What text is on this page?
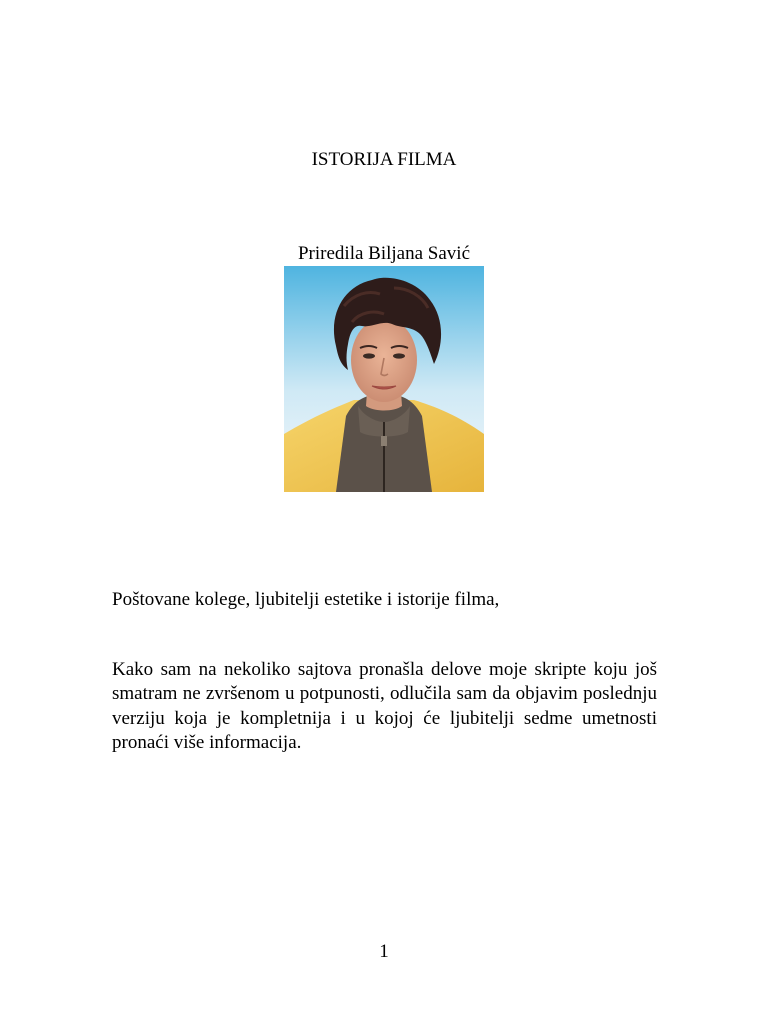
ISTORIJA FILMA
Priredila Biljana Savić
Poštovane kolege, ljubitelji estetike i istorije filma,
Kako sam na nekoliko sajtova pronašla delove moje skripte koju još smatram ne zvršenom u potpunosti, odlučila sam da objavim poslednju verziju koja je kompletnija i u kojoj će ljubitelji sedme umetnosti pronaći više informacija.
1
